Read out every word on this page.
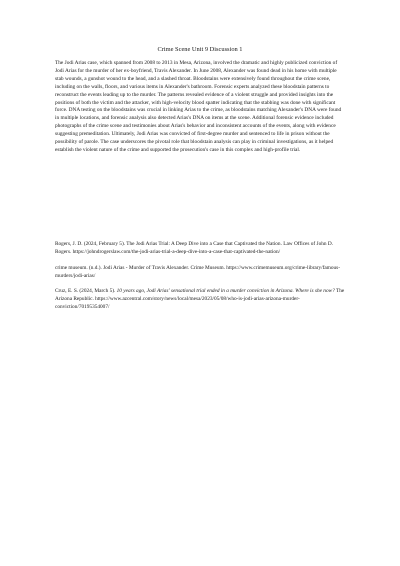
Crime Scene Unit 9 Discussion 1

The Jodi Arias case, which spanned from 2008 to 2013 in Mesa, Arizona, involved the dramatic and highly publicized conviction of Jodi Arias for the murder of her ex-boyfriend, Travis Alexander. In June 2008, Alexander was found dead in his home with multiple stab wounds, a gunshot wound to the head, and a slashed throat. Bloodstains were extensively found throughout the crime scene, including on the walls, floors, and various items in Alexander's bathroom. Forensic experts analyzed these bloodstain patterns to reconstruct the events leading up to the murder. The patterns revealed evidence of a violent struggle and provided insights into the positions of both the victim and the attacker, with high-velocity blood spatter indicating that the stabbing was done with significant force. DNA testing on the bloodstains was crucial in linking Arias to the crime, as bloodstains matching Alexander's DNA were found in multiple locations, and forensic analysis also detected Arias's DNA on items at the scene. Additional forensic evidence included photographs of the crime scene and testimonies about Arias's behavior and inconsistent accounts of the events, along with evidence suggesting premeditation. Ultimately, Jodi Arias was convicted of first-degree murder and sentenced to life in prison without the possibility of parole. The case underscores the pivotal role that bloodstain analysis can play in criminal investigations, as it helped establish the violent nature of the crime and supported the prosecution's case in this complex and high-profile trial.

Rogers, J. D. (2024, February 5). The Jodi Arias Trial: A Deep Dive into a Case that Captivated the Nation. Law Offices of John D. Rogers. https://johndrogerslaw.com/the-jodi-arias-trial-a-deep-dive-into-a-case-that-captivated-the-nation/

crime museum. (n.d.). Jodi Arias - Murder of Travis Alexander. Crime Museum. https://www.crimemuseum.org/crime-library/famous-murders/jodi-arias/

Cruz, E. S. (2024, March 5). 10 years ago, Jodi Arias' sensational trial ended in a murder conviction in Arizona. Where is she now? The Arizona Republic. https://www.azcentral.com/story/news/local/mesa/2023/05/08/who-is-jodi-arias-arizona-murder-conviction/70195354007/
